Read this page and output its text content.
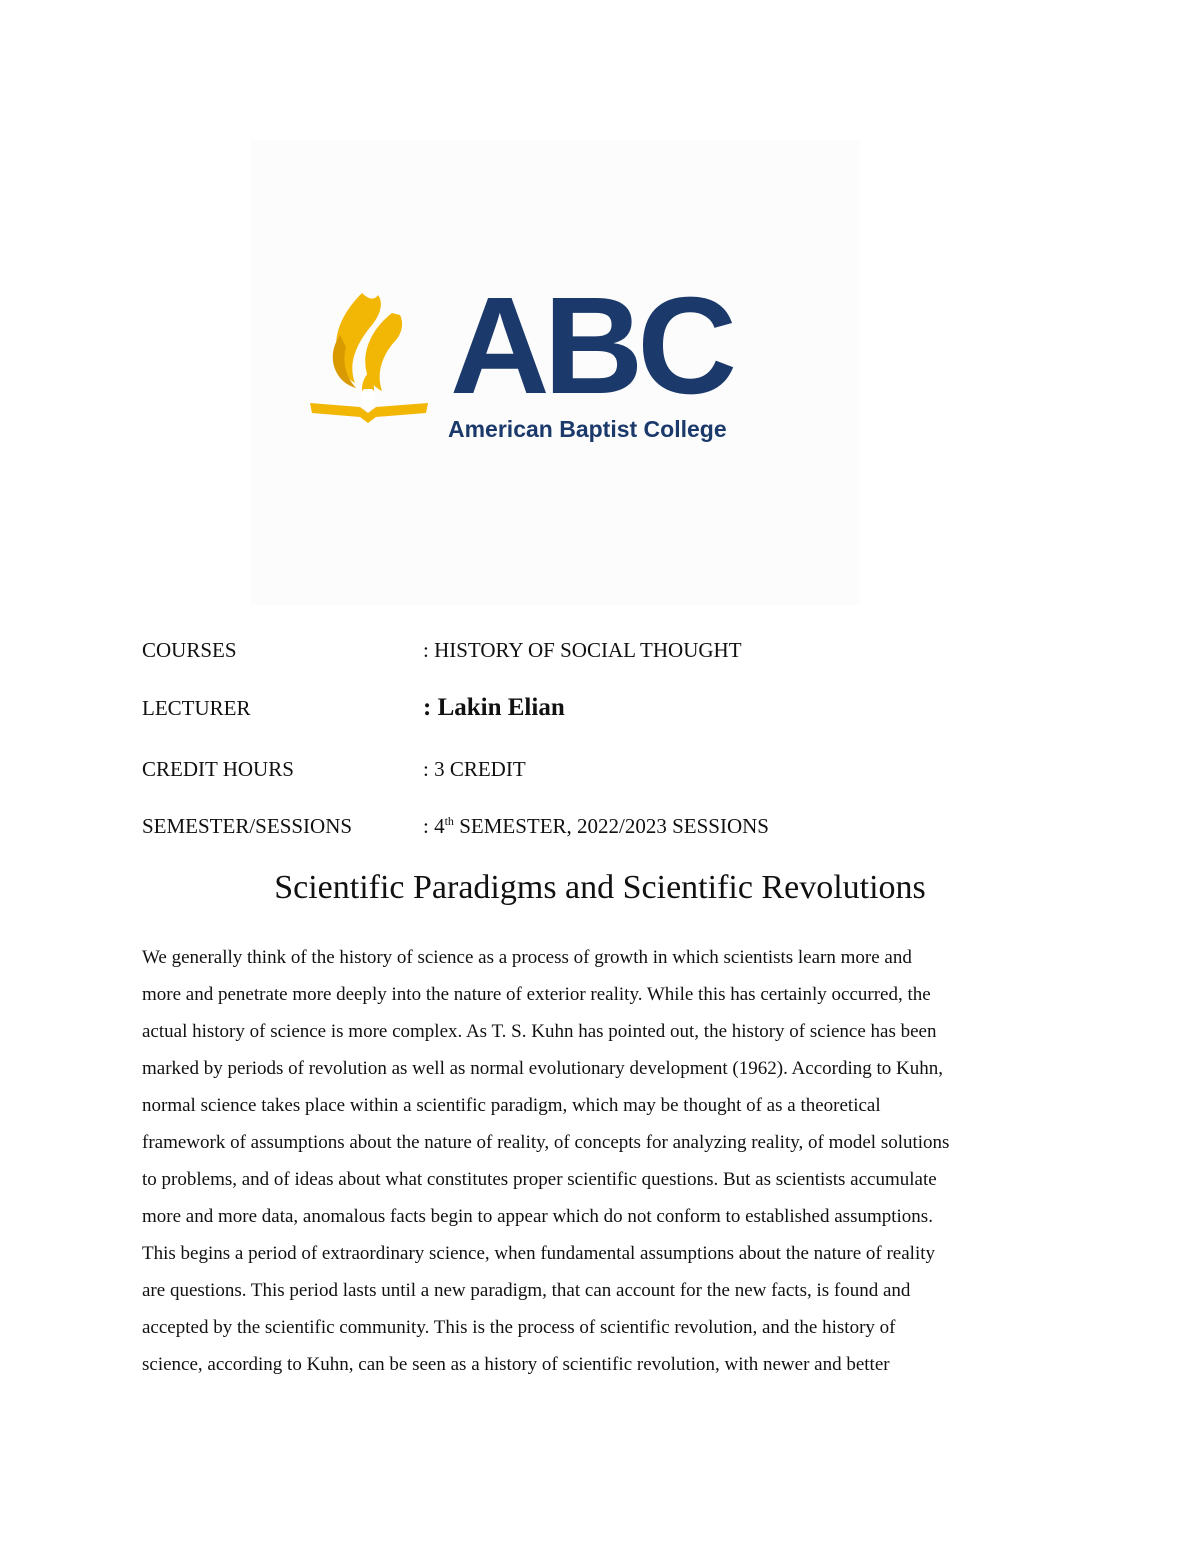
ABC
American Baptist College
COURSES	: HISTORY OF SOCIAL THOUGHT
LECTURER	: Lakin Elian
CREDIT HOURS	: 3 CREDIT
SEMESTER/SESSIONS	: 4th SEMESTER, 2022/2023 SESSIONS
Scientific Paradigms and Scientific Revolutions
We generally think of the history of science as a process of growth in which scientists learn more and
more and penetrate more deeply into the nature of exterior reality. While this has certainly occurred, the
actual history of science is more complex. As T. S. Kuhn has pointed out, the history of science has been
marked by periods of revolution as well as normal evolutionary development (1962). According to Kuhn,
normal science takes place within a scientific paradigm, which may be thought of as a theoretical
framework of assumptions about the nature of reality, of concepts for analyzing reality, of model solutions
to problems, and of ideas about what constitutes proper scientific questions. But as scientists accumulate
more and more data, anomalous facts begin to appear which do not conform to established assumptions.
This begins a period of extraordinary science, when fundamental assumptions about the nature of reality
are questions. This period lasts until a new paradigm, that can account for the new facts, is found and
accepted by the scientific community. This is the process of scientific revolution, and the history of
science, according to Kuhn, can be seen as a history of scientific revolution, with newer and better
